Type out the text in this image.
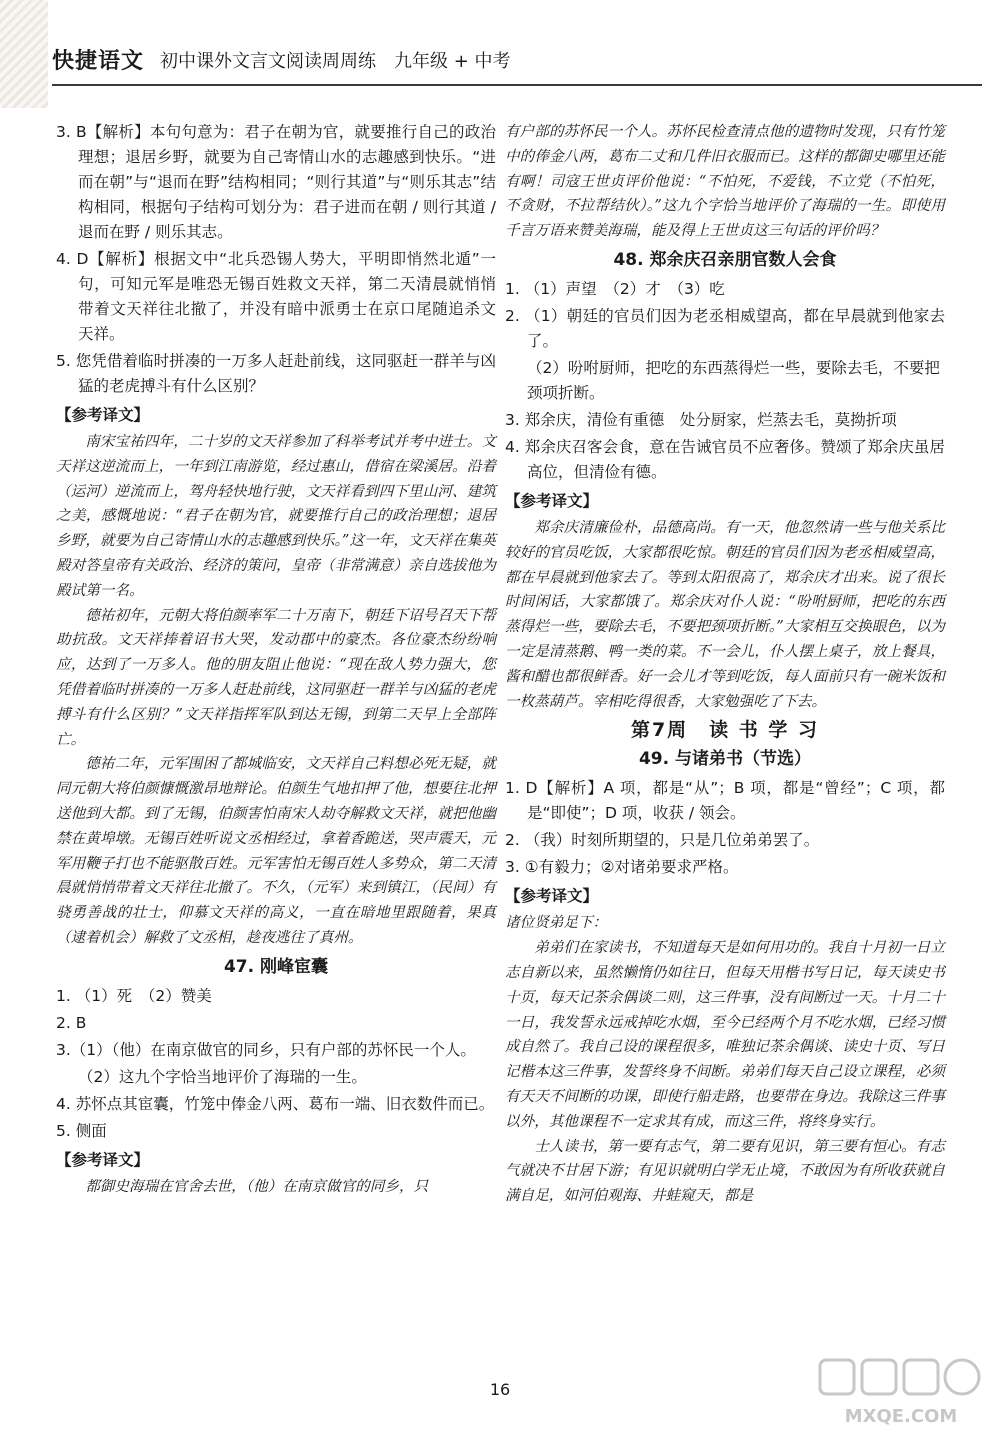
快捷语文 初中课外文言文阅读周周练　九年级 + 中考

3. B【解析】本句句意为：君子在朝为官，就要推行自己的政治理想；退居乡野，就要为自己寄情山水的志趣感到快乐。“进而在朝”与“退而在野”结构相同；“则行其道”与“则乐其志”结构相同，根据句子结构可划分为：君子进而在朝 / 则行其道 / 退而在野 / 则乐其志。

4. D【解析】根据文中“北兵恐锡人势大，平明即悄然北遁”一句，可知元军是唯恐无锡百姓救文天祥，第二天清晨就悄悄带着文天祥往北撤了，并没有暗中派勇士在京口尾随追杀文天祥。

5. 您凭借着临时拼凑的一万多人赶赴前线，这同驱赶一群羊与凶猛的老虎搏斗有什么区别？

【参考译文】

南宋宝祐四年，二十岁的文天祥参加了科举考试并考中进士。文天祥这逆流而上，一年到江南游览，经过惠山，借宿在梁溪居。沿着（运河）逆流而上，驾舟轻快地行驶，文天祥看到四下里山河、建筑之美，感慨地说：“君子在朝为官，就要推行自己的政治理想；退居乡野，就要为自己寄情山水的志趣感到快乐。”这一年，文天祥在集英殿对答皇帝有关政治、经济的策问，皇帝（非常满意）亲自选拔他为殿试第一名。

德祐初年，元朝大将伯颜率军二十万南下，朝廷下诏号召天下帮助抗敌。文天祥捧着诏书大哭，发动郡中的豪杰。各位豪杰纷纷响应，达到了一万多人。他的朋友阻止他说：“现在敌人势力强大，您凭借着临时拼凑的一万多人赶赴前线，这同驱赶一群羊与凶猛的老虎搏斗有什么区别？”文天祥指挥军队到达无锡，到第二天早上全部阵亡。

德祐二年，元军围困了都城临安，文天祥自己料想必死无疑，就同元朝大将伯颜慷慨激昂地辩论。伯颜生气地扣押了他，想要往北押送他到大都。到了无锡，伯颜害怕南宋人劫夺解救文天祥，就把他幽禁在黄埠墩。无锡百姓听说文丞相经过，拿着香跪送，哭声震天，元军用鞭子打也不能驱散百姓。元军害怕无锡百姓人多势众，第二天清晨就悄悄带着文天祥往北撤了。不久，（元军）来到镇江，（民间）有骁勇善战的壮士，仰慕文天祥的高义，一直在暗地里跟随着，果真（逮着机会）解救了文丞相，趁夜逃往了真州。

47. 刚峰宦囊

1. （1）死　（2）赞美

2. B

3.（1）（他）在南京做官的同乡，只有户部的苏怀民一个人。

（2）这九个字恰当地评价了海瑞的一生。

4. 苏怀点其宦囊，竹笼中俸金八两、葛布一端、旧衣数件而已。

5. 侧面

【参考译文】

都御史海瑞在官舍去世，（他）在南京做官的同乡，只

有户部的苏怀民一个人。苏怀民检查清点他的遗物时发现，只有竹笼中的俸金八两，葛布二丈和几件旧衣服而已。这样的都御史哪里还能有啊！司寇王世贞评价他说：“不怕死，不爱钱，不立党（不怕死，不贪财，不拉帮结伙）。”这九个字恰当地评价了海瑞的一生。即使用千言万语来赞美海瑞，能及得上王世贞这三句话的评价吗？

48. 郑余庆召亲朋官数人会食

1. （1）声望　（2）才　（3）吃

2. （1）朝廷的官员们因为老丞相威望高，都在早晨就到他家去了。

（2）吩咐厨师，把吃的东西蒸得烂一些，要除去毛，不要把颈项折断。

3. 郑余庆，清俭有重德　处分厨家，烂蒸去毛，莫拗折项

4. 郑余庆召客会食，意在告诫官员不应奢侈。赞颂了郑余庆虽居高位，但清俭有德。

【参考译文】

郑余庆清廉俭朴，品德高尚。有一天，他忽然请一些与他关系比较好的官员吃饭，大家都很吃惊。朝廷的官员们因为老丞相威望高，都在早晨就到他家去了。等到太阳很高了，郑余庆才出来。说了很长时间闲话，大家都饿了。郑余庆对仆人说：“吩咐厨师，把吃的东西蒸得烂一些，要除去毛，不要把颈项折断。”大家相互交换眼色，以为一定是清蒸鹅、鸭一类的菜。不一会儿，仆人摆上桌子，放上餐具，酱和醋也都很鲜香。好一会儿才等到吃饭，每人面前只有一碗米饭和一枚蒸葫芦。宰相吃得很香，大家勉强吃了下去。

第7周　读 书 学 习

49. 与诸弟书（节选）

1. D【解析】A 项，都是“从”；B 项，都是“曾经”；C 项，都是“即使”；D 项，收获 / 领会。

2. （我）时刻所期望的，只是几位弟弟罢了。

3. ①有毅力；②对诸弟要求严格。

【参考译文】

诸位贤弟足下：

弟弟们在家读书，不知道每天是如何用功的。我自十月初一日立志自新以来，虽然懒惰仍如往日，但每天用楷书写日记，每天读史书十页，每天记茶余偶谈二则，这三件事，没有间断过一天。十月二十一日，我发誓永远戒掉吃水烟，至今已经两个月不吃水烟，已经习惯成自然了。我自己设的课程很多，唯独记茶余偶谈、读史十页、写日记楷本这三件事，发誓终身不间断。弟弟们每天自己设立课程，必须有天天不间断的功课，即使行船走路，也要带在身边。我除这三件事以外，其他课程不一定求其有成，而这三件，将终身实行。

士人读书，第一要有志气，第二要有见识，第三要有恒心。有志气就决不甘居下游；有见识就明白学无止境，不敢因为有所收获就自满自足，如河伯观海、井蛙窥天，都是

16
MXQE.COM
